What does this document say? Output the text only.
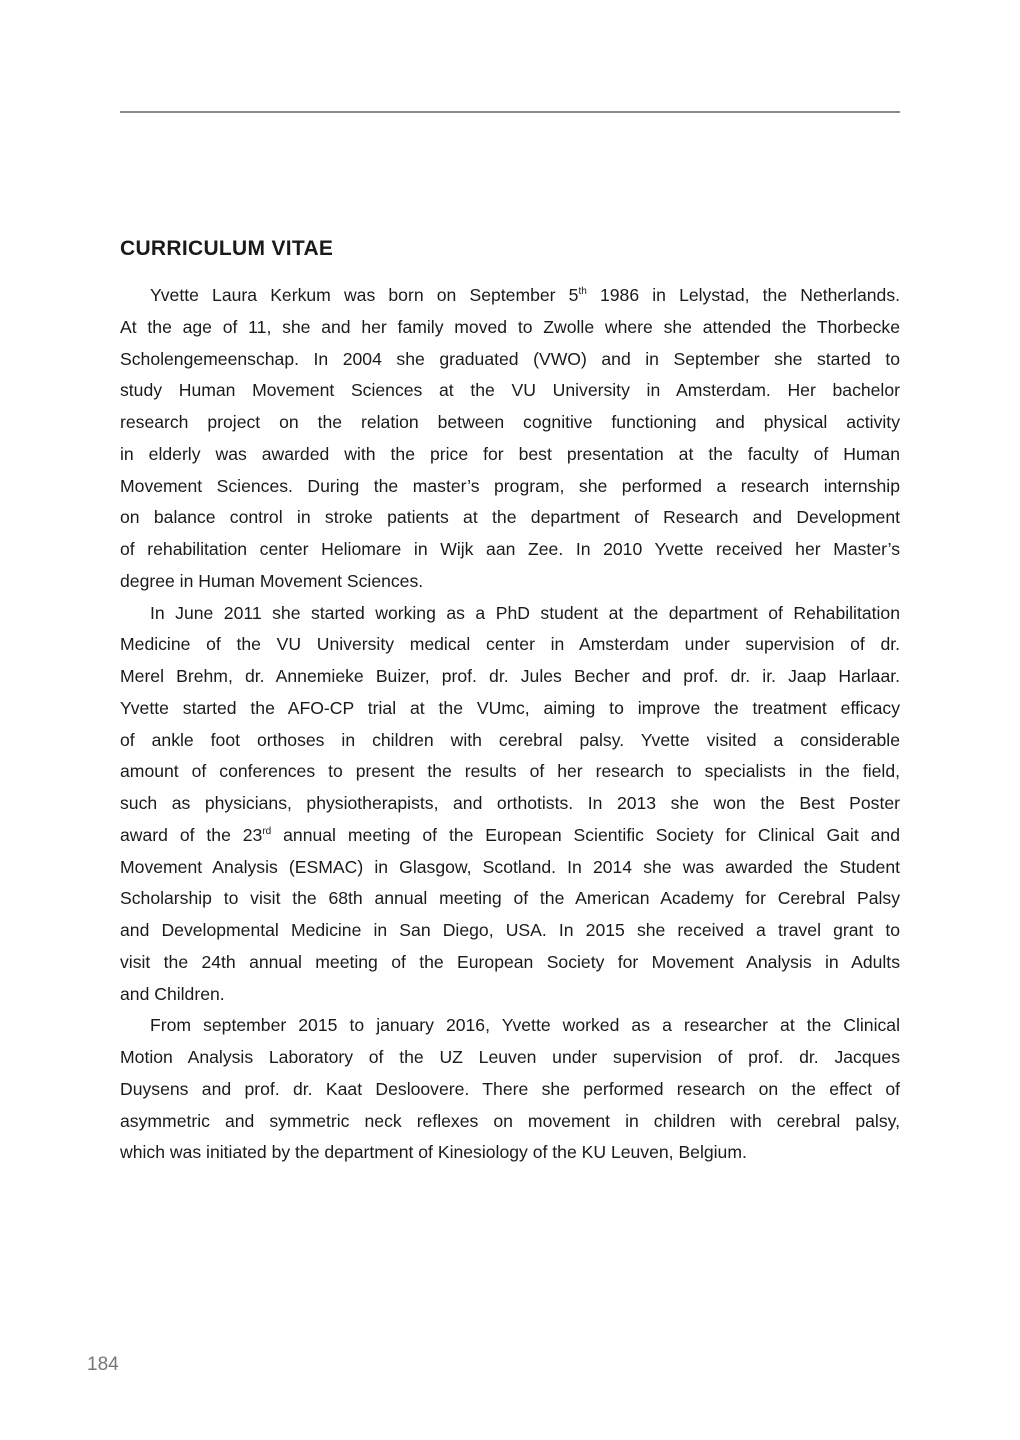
CURRICULUM VITAE
Yvette Laura Kerkum was born on September 5th 1986 in Lelystad, the Netherlands.
At the age of 11, she and her family moved to Zwolle where she attended the Thorbecke
Scholengemeenschap. In 2004 she graduated (VWO) and in September she started to
study Human Movement Sciences at the VU University in Amsterdam. Her bachelor
research project on the relation between cognitive functioning and physical activity
in elderly was awarded with the price for best presentation at the faculty of Human
Movement Sciences. During the master’s program, she performed a research internship
on balance control in stroke patients at the department of Research and Development
of rehabilitation center Heliomare in Wijk aan Zee. In 2010 Yvette received her Master’s
degree in Human Movement Sciences.
In June 2011 she started working as a PhD student at the department of Rehabilitation
Medicine of the VU University medical center in Amsterdam under supervision of dr.
Merel Brehm, dr. Annemieke Buizer, prof. dr. Jules Becher and prof. dr. ir. Jaap Harlaar.
Yvette started the AFO-CP trial at the VUmc, aiming to improve the treatment efficacy
of ankle foot orthoses in children with cerebral palsy. Yvette visited a considerable
amount of conferences to present the results of her research to specialists in the field,
such as physicians, physiotherapists, and orthotists. In 2013 she won the Best Poster
award of the 23rd annual meeting of the European Scientific Society for Clinical Gait and
Movement Analysis (ESMAC) in Glasgow, Scotland. In 2014 she was awarded the Student
Scholarship to visit the 68th annual meeting of the American Academy for Cerebral Palsy
and Developmental Medicine in San Diego, USA. In 2015 she received a travel grant to
visit the 24th annual meeting of the European Society for Movement Analysis in Adults
and Children.
From september 2015 to january 2016, Yvette worked as a researcher at the Clinical
Motion Analysis Laboratory of the UZ Leuven under supervision of prof. dr. Jacques
Duysens and prof. dr. Kaat Desloovere. There she performed research on the effect of
asymmetric and symmetric neck reflexes on movement in children with cerebral palsy,
which was initiated by the department of Kinesiology of the KU Leuven, Belgium.
184
